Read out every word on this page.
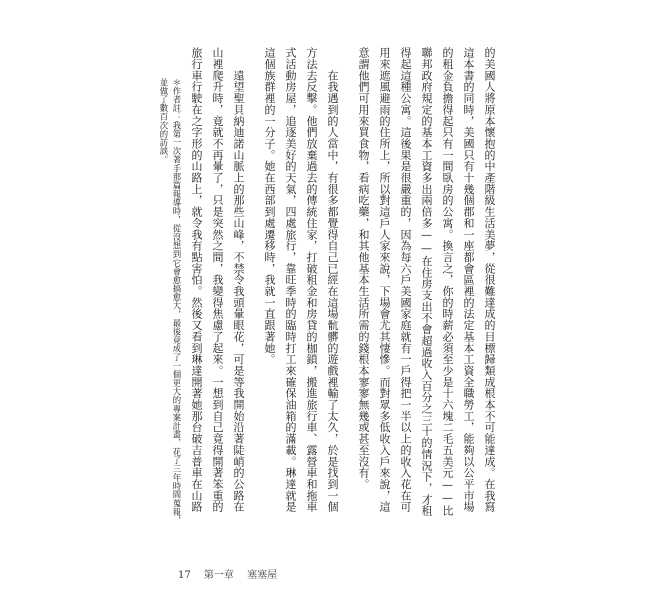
的美國人將原本懷抱的中產階級生活美夢，從很難達成的目標歸類成根本不可能達成。在我寫
這本書的同時，美國只有十幾個郡和一座都會區裡的法定基本工資全職勞工，能夠以公平市場
的租金負擔得起只有一間臥房的公寓。換言之，你的時薪必須至少是十六塊二毛五美元——比
聯邦政府規定的基本工資多出兩倍多——在住房支出不會超過收入百分之三十的情況下，才租
得起這種公寓。這後果是很嚴重的，因為每六戶美國家庭就有一戶得把一半以上的收入花在可
用來遮風避雨的住所上，所以對這戶人家來說，下場會尤其悽慘。而對眾多低收入戶來說，這
意謂他們可用來買食物，看病吃藥，和其他基本生活所需的錢根本寥寥無幾或甚至沒有。
　　在我遇到的人當中，有很多都覺得自己已經在這場骯髒的遊戲裡輸了太久，於是找到一個
方法去反擊。他們放棄過去的傳統住家，打破租金和房貸的枷鎖，搬進旅行車、露營車和拖車
式活動房屋，追逐美好的天氣，四處旅行，靠旺季時的臨時打工來確保油箱的滿載。琳達就是
這個族群裡的一分子。她在西部到處遷移時，我就一直跟著她。
　　遠望聖貝納迪諾山脈上的那些山峰，不禁令我頭暈眼花，可是等我開始沿著陡峭的公路在
山裡爬升時，竟就不再暈了，只是突然之間，我變得焦慮了起來。一想到自己竟得開著笨重的
旅行車行駛在之字形的山路上，就令我有點害怕。然後又看到琳達開著她那台破吉普車在山路
＊作者註：我第一次著手那篇報導時，從沒想到它會愈搞愈大，最後竟成了一個更大的專案計畫，花了三年時間蒐報，
並做了數百次的訪談。
17 第一章 塞塞屋
